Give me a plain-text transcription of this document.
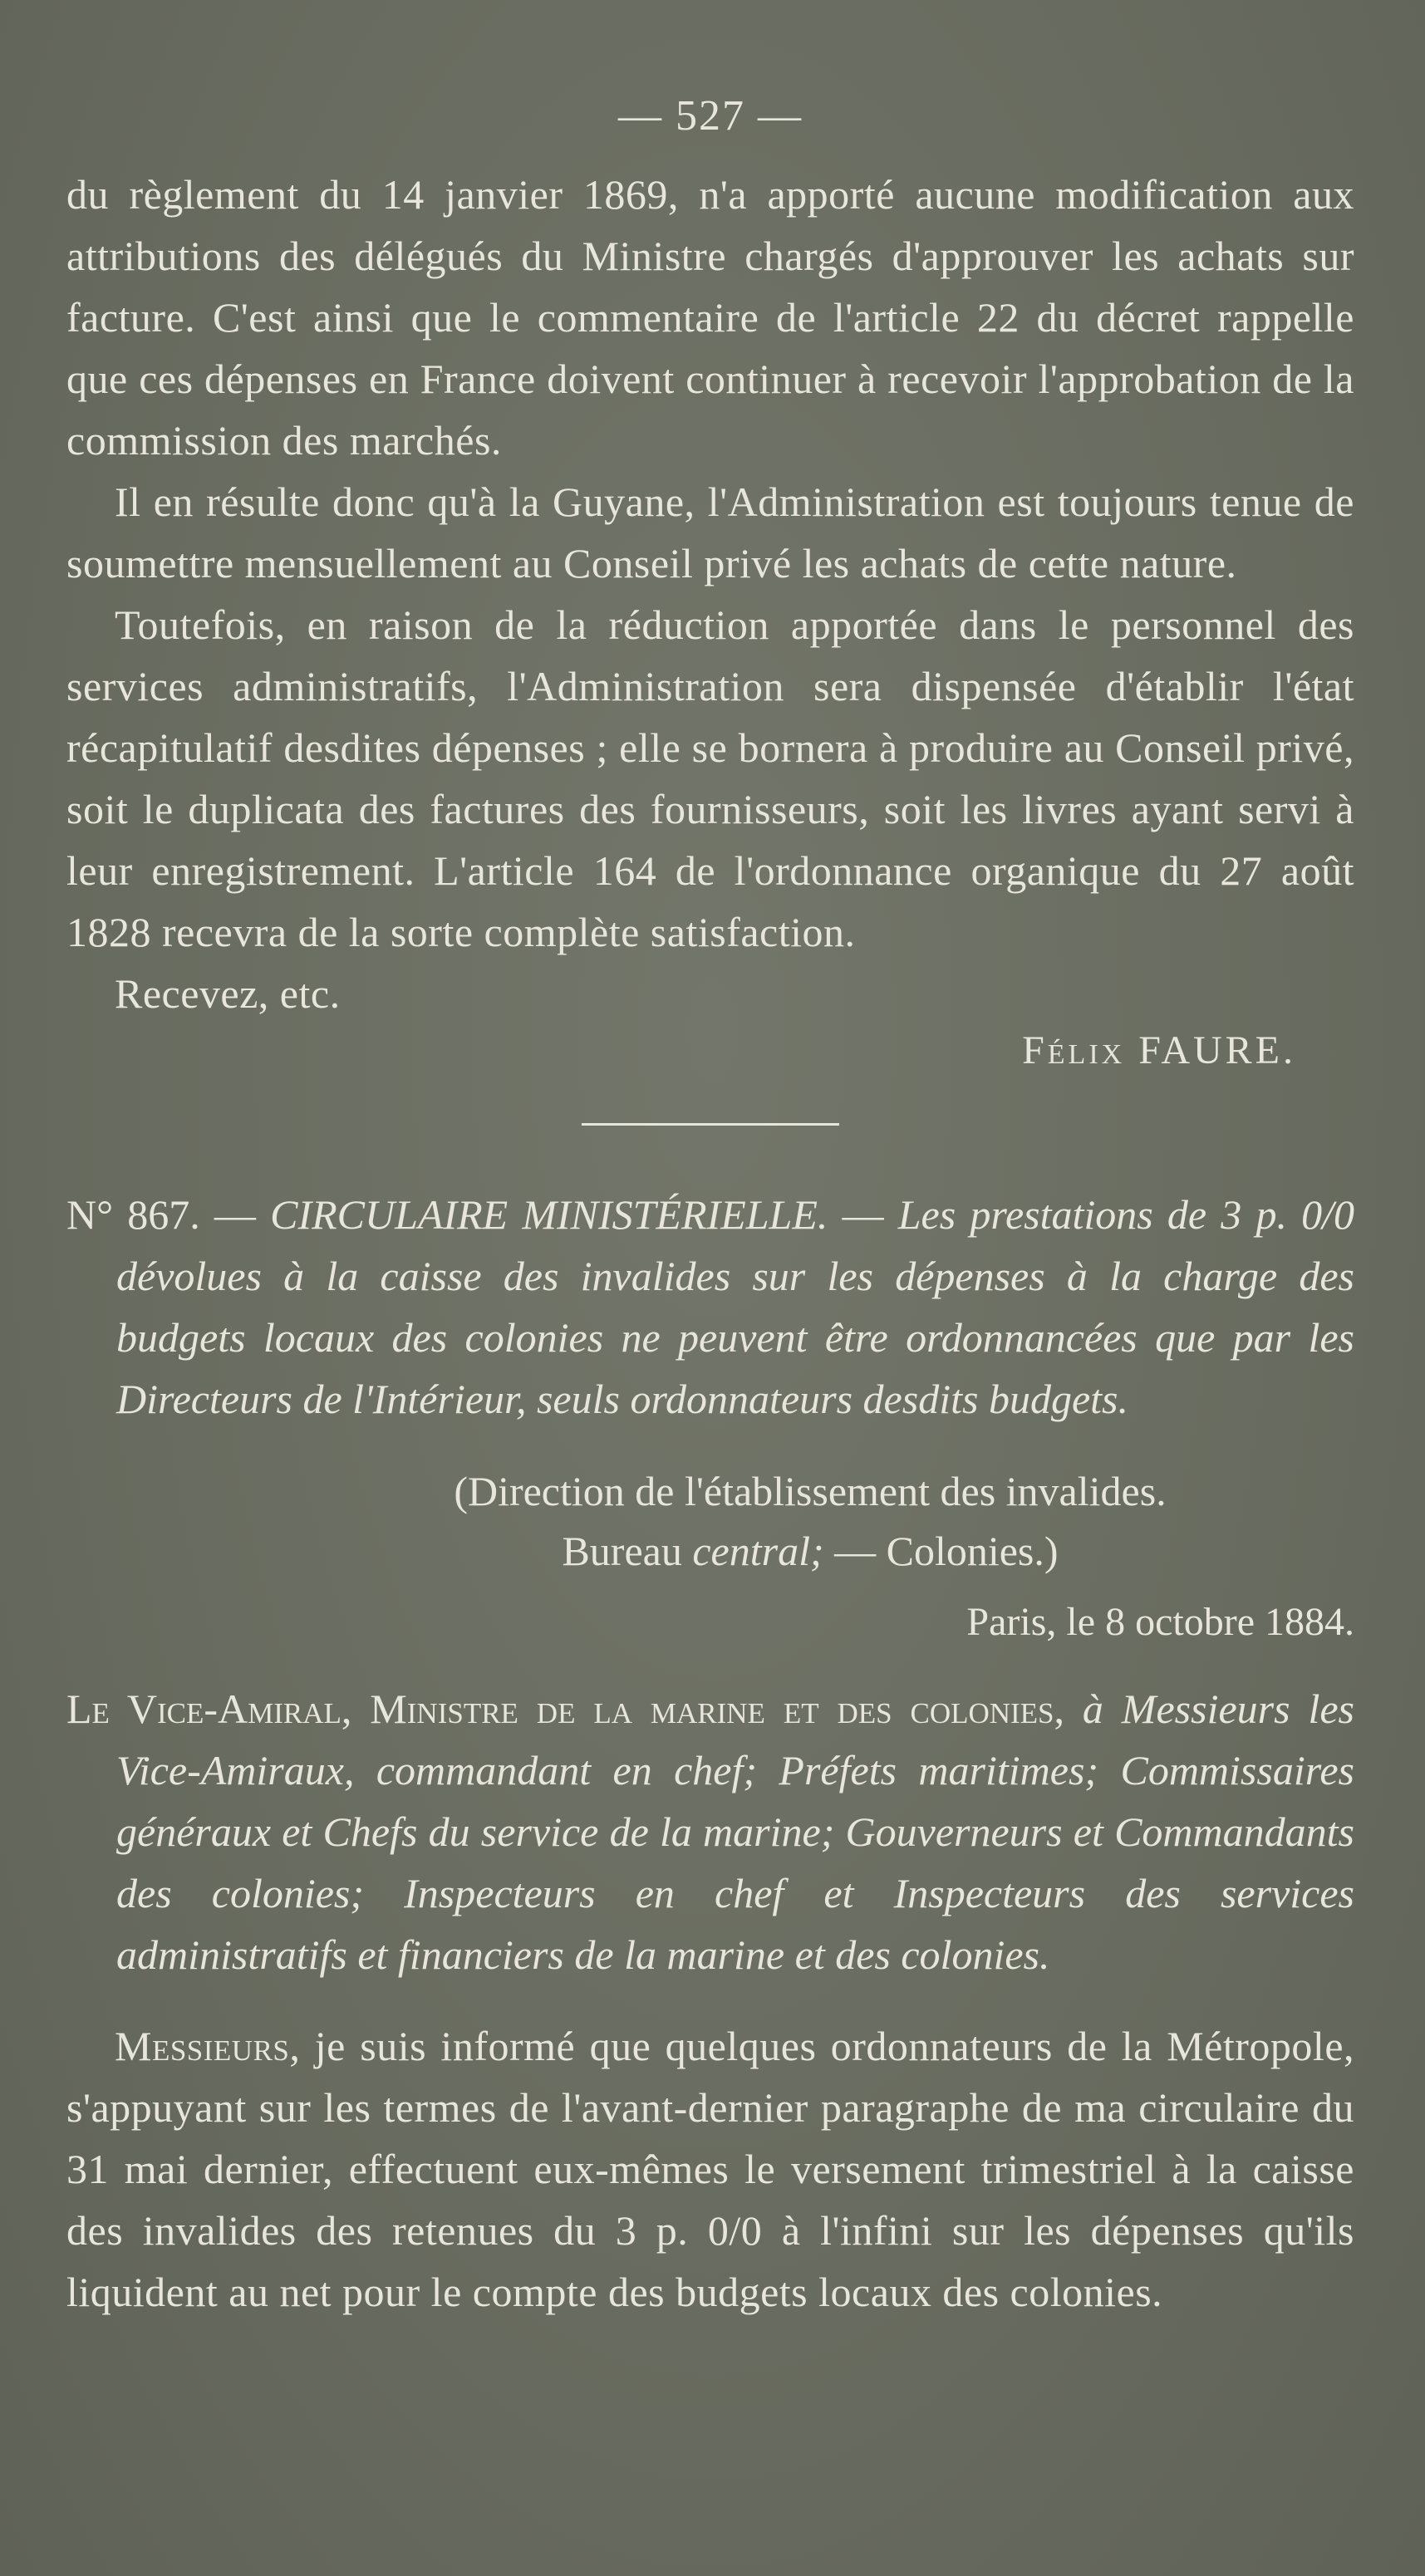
— 527 —

du règlement du 14 janvier 1869, n'a apporté aucune modification aux attributions des délégués du Ministre chargés d'approuver les achats sur facture. C'est ainsi que le commentaire de l'article 22 du décret rappelle que ces dépenses en France doivent continuer à recevoir l'approbation de la commission des marchés.

Il en résulte donc qu'à la Guyane, l'Administration est toujours tenue de soumettre mensuellement au Conseil privé les achats de cette nature.

Toutefois, en raison de la réduction apportée dans le personnel des services administratifs, l'Administration sera dispensée d'établir l'état récapitulatif desdites dépenses ; elle se bornera à produire au Conseil privé, soit le duplicata des factures des fournisseurs, soit les livres ayant servi à leur enregistrement. L'article 164 de l'ordonnance organique du 27 août 1828 recevra de la sorte complète satisfaction.

Recevez, etc.

Félix FAURE.
N° 867. — CIRCULAIRE MINISTÉRIELLE. — Les prestations de 3 p. 0/0 dévolues à la caisse des invalides sur les dépenses à la charge des budgets locaux des colonies ne peuvent être ordonnancées que par les Directeurs de l'Intérieur, seuls ordonnateurs desdits budgets.
(Direction de l'établissement des invalides.
Bureau central; — Colonies.)
Paris, le 8 octobre 1884.
Le Vice-Amiral, Ministre de la marine et des colonies, à Messieurs les Vice-Amiraux, commandant en chef; Préfets maritimes; Commissaires généraux et Chefs du service de la marine; Gouverneurs et Commandants des colonies; Inspecteurs en chef et Inspecteurs des services administratifs et financiers de la marine et des colonies.

Messieurs, je suis informé que quelques ordonnateurs de la Métropole, s'appuyant sur les termes de l'avant-dernier paragraphe de ma circulaire du 31 mai dernier, effectuent eux-mêmes le versement trimestriel à la caisse des invalides des retenues du 3 p. 0/0 à l'infini sur les dépenses qu'ils liquident au net pour le compte des budgets locaux des colonies.
